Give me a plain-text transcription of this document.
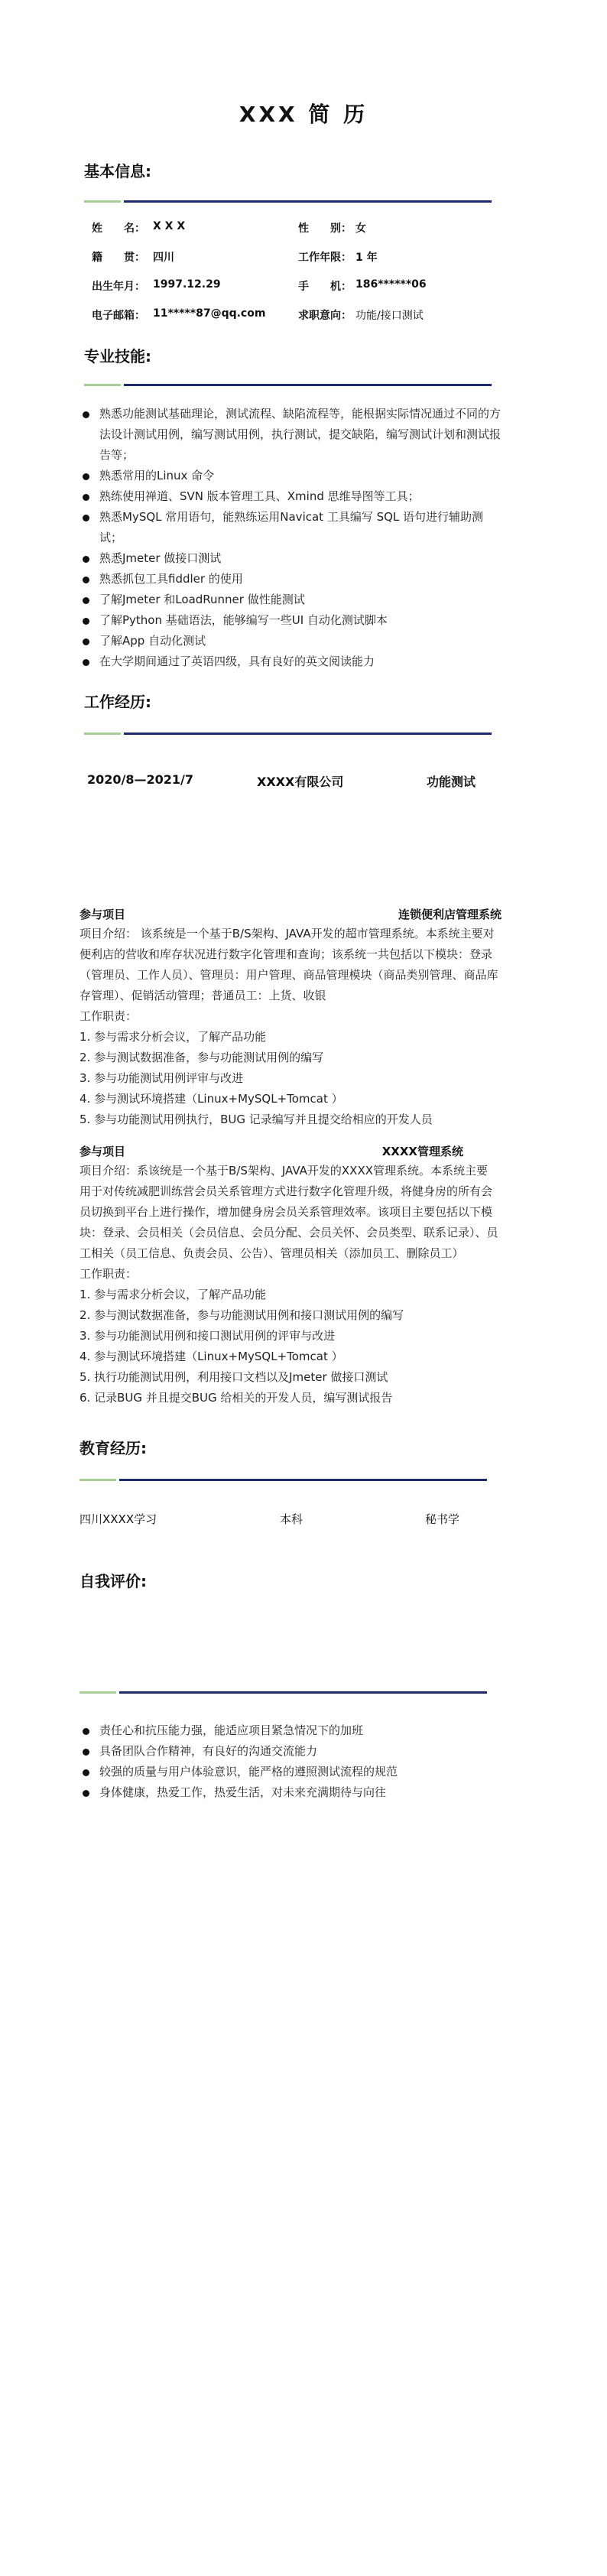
XXX 简 历
基本信息:
姓　　名： X X X	性　　别： 女
籍　　贯： 四川	工作年限： 1 年
出生年月： 1997.12.29	手　　机： 186******06
电子邮箱： 11*****87@qq.com	求职意向： 功能/接口测试
专业技能:
熟悉功能测试基础理论，测试流程、缺陷流程等，能根据实际情况通过不同的方法设计测试用例，编写测试用例，执行测试，提交缺陷，编写测试计划和测试报告等；
熟悉常用的Linux 命令
熟练使用禅道、SVN 版本管理工具、Xmind 思维导图等工具；
熟悉MySQL 常用语句，能熟练运用Navicat 工具编写 SQL 语句进行辅助测试；
熟悉Jmeter 做接口测试
熟悉抓包工具fiddler 的使用
了解Jmeter 和LoadRunner 做性能测试
了解Python 基础语法，能够编写一些UI 自动化测试脚本
了解App 自动化测试
在大学期间通过了英语四级，具有良好的英文阅读能力
工作经历:
2020/8—2021/7	XXXX有限公司	功能测试
参与项目	连锁便利店管理系统

项目介绍： 该系统是一个基于B/S架构、JAVA开发的超市管理系统。本系统主要对便利店的营收和库存状况进行数字化管理和查询；该系统一共包括以下模块：登录（管理员、工作人员）、管理员：用户管理、商品管理模块（商品类别管理、商品库存管理）、促销活动管理；普通员工：上货、收银

工作职责：

1. 参与需求分析会议，了解产品功能

2. 参与测试数据准备，参与功能测试用例的编写

3. 参与功能测试用例评审与改进

4. 参与测试环境搭建（Linux+MySQL+Tomcat ）

5. 参与功能测试用例执行，BUG 记录编写并且提交给相应的开发人员

参与项目	XXXX管理系统

项目介绍：系该统是一个基于B/S架构、JAVA开发的XXXX管理系统。本系统主要用于对传统减肥训练营会员关系管理方式进行数字化管理升级，将健身房的所有会员切换到平台上进行操作，增加健身房会员关系管理效率。该项目主要包括以下模块：登录、会员相关（会员信息、会员分配、会员关怀、会员类型、联系记录）、员工相关（员工信息、负责会员、公告）、管理员相关（添加员工、删除员工）

工作职责：

1. 参与需求分析会议，了解产品功能

2. 参与测试数据准备，参与功能测试用例和接口测试用例的编写

3. 参与功能测试用例和接口测试用例的评审与改进

4. 参与测试环境搭建（Linux+MySQL+Tomcat ）

5. 执行功能测试用例，利用接口文档以及Jmeter 做接口测试

6. 记录BUG 并且提交BUG 给相关的开发人员，编写测试报告

教育经历:
四川XXXX学习	本科	秘书学
自我评价:
责任心和抗压能力强，能适应项目紧急情况下的加班
具备团队合作精神，有良好的沟通交流能力
较强的质量与用户体验意识，能严格的遵照测试流程的规范
身体健康，热爱工作，热爱生活，对未来充满期待与向往
